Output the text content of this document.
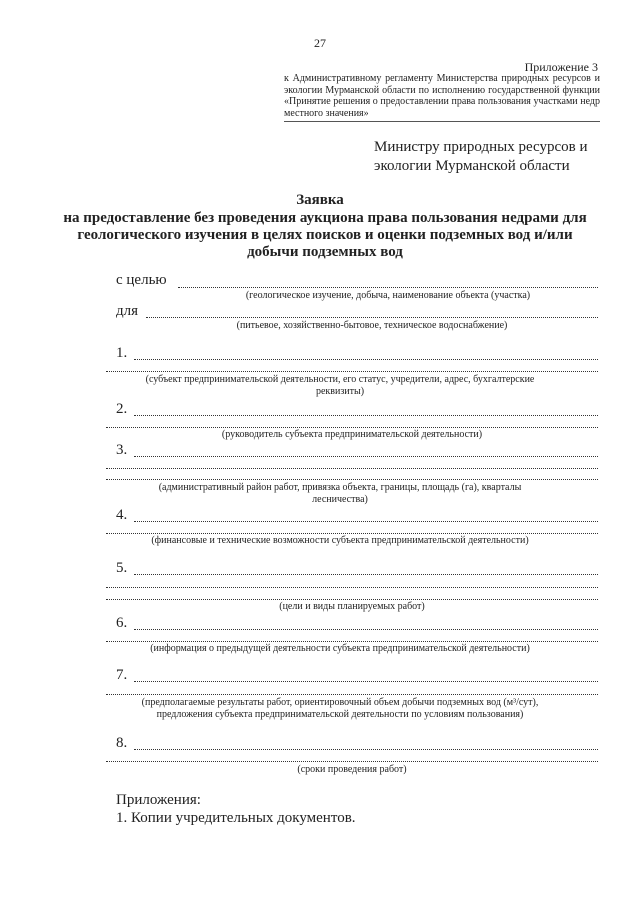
27
Приложение 3
к Административному регламенту Министерства природных ресурсов и экологии Мурманской области по исполнению государственной функции «Принятие решения о предоставлении права пользования участками недр местного значения»
Министру природных ресурсов и экологии Мурманской области
Заявка
на предоставление без проведения аукциона права пользования недрами для геологического изучения в целях поисков и оценки подземных вод и/или добычи подземных вод
с целью
(геологическое изучение, добыча, наименование объекта (участка)
для
(питьевое, хозяйственно-бытовое, техническое водоснабжение)
1.
(субъект предпринимательской деятельности, его статус, учредители, адрес, бухгалтерские реквизиты)
2.
(руководитель субъекта предпринимательской деятельности)
3.
(административный район работ, привязка объекта, границы, площадь (га), кварталы лесничества)
4.
(финансовые и технические возможности субъекта предпринимательской деятельности)
5.
(цели и виды планируемых работ)
6.
(информация о предыдущей деятельности субъекта предпринимательской деятельности)
7.
(предполагаемые результаты работ, ориентировочный объем добычи подземных вод (м³/сут), предложения субъекта предпринимательской деятельности по условиям пользования)
8.
(сроки проведения работ)
Приложения:
1. Копии учредительных документов.
